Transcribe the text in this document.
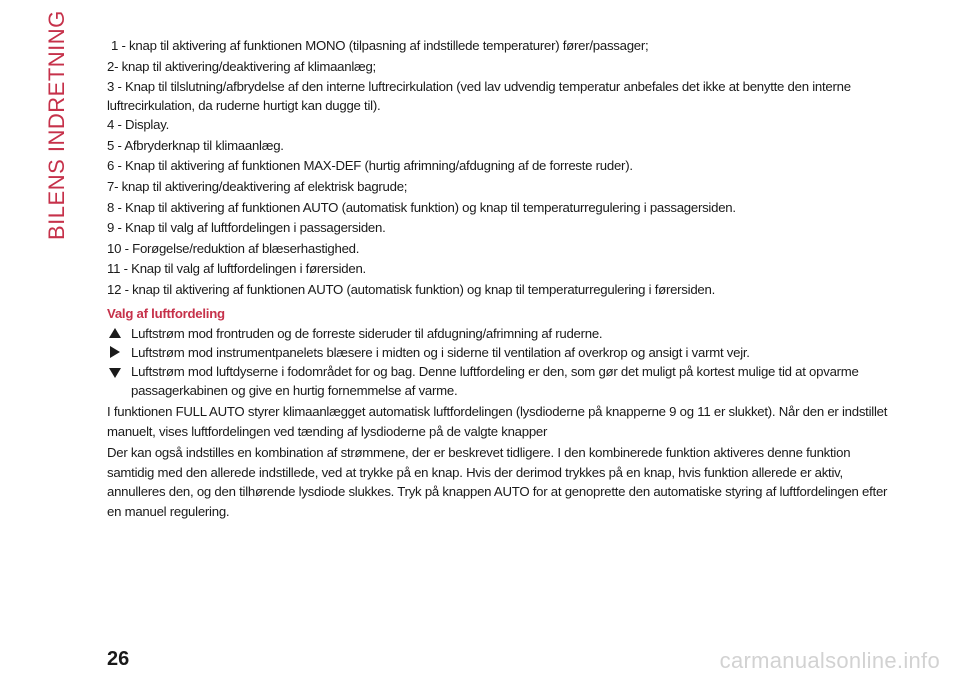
BILENS INDRETNING	1 - knap til aktivering af funktionen MONO (tilpasning af indstillede temperaturer) fører/passager;

2- knap til aktivering/deaktivering af klimaanlæg;

3 - Knap til tilslutning/afbrydelse af den interne luftrecirkulation (ved lav udvendig temperatur anbefales det ikke at benytte den interne luftrecirkulation, da ruderne hurtigt kan dugge til).

4 - Display.

5 - Afbryderknap til klimaanlæg.

6 - Knap til aktivering af funktionen MAX-DEF (hurtig afrimning/afdugning af de forreste ruder).

7- knap til aktivering/deaktivering af elektrisk bagrude;

8 - Knap til aktivering af funktionen AUTO (automatisk funktion) og knap til temperaturregulering i passagersiden.

9 - Knap til valg af luftfordelingen i passagersiden.

10 - Forøgelse/reduktion af blæserhastighed.

11 - Knap til valg af luftfordelingen i førersiden.

12 - knap til aktivering af funktionen AUTO (automatisk funktion) og knap til temperaturregulering i førersiden.

Valg af luftfordeling

Luftstrøm mod frontruden og de forreste sideruder til afdugning/afrimning af ruderne.

Luftstrøm mod instrumentpanelets blæsere i midten og i siderne til ventilation af overkrop og ansigt i varmt vejr.

Luftstrøm mod luftdyserne i fodområdet for og bag. Denne luftfordeling er den, som gør det muligt på kortest mulige tid at opvarme passagerkabinen og give en hurtig fornemmelse af varme.

I funktionen FULL AUTO styrer klimaanlægget automatisk luftfordelingen (lysdioderne på knapperne 9 og 11 er slukket). Når den er indstillet manuelt, vises luftfordelingen ved tænding af lysdioderne på de valgte knapper

Der kan også indstilles en kombination af strømmene, der er beskrevet tidligere. I den kombinerede funktion aktiveres denne funktion samtidig med den allerede indstillede, ved at trykke på en knap. Hvis der derimod trykkes på en knap, hvis funktion allerede er aktiv, annulleres den, og den tilhørende lysdiode slukkes. Tryk på knappen AUTO for at genoprette den automatiske styring af luftfordelingen efter en manuel regulering.

26	carmanualsonline.info
